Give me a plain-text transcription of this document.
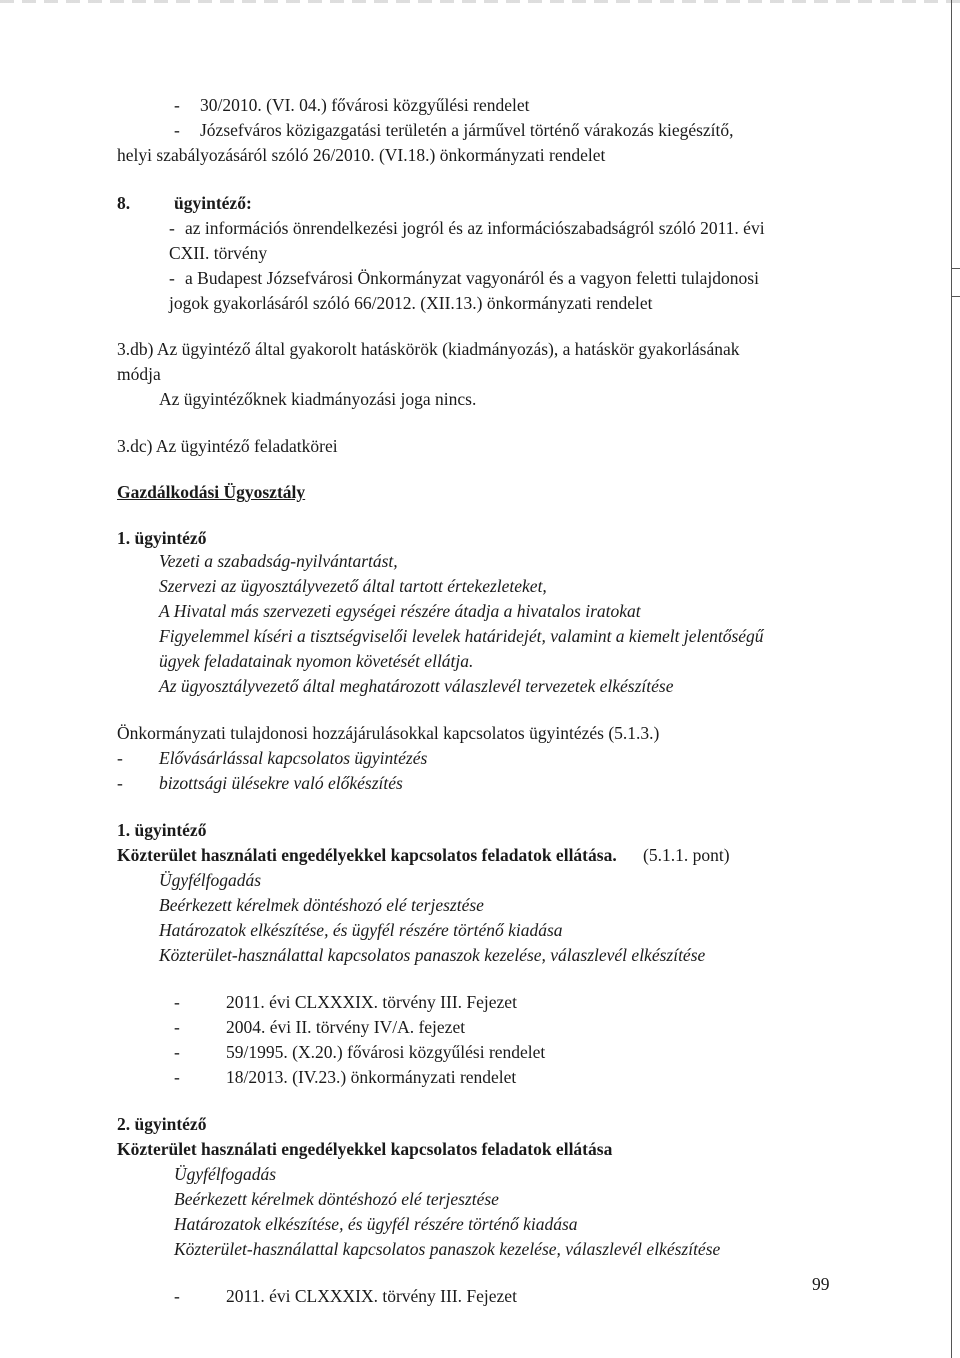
- 30/2010. (VI. 04.) fővárosi közgyűlési rendelet
- Józsefváros közigazgatási területén a járművel történő várakozás kiegészítő,
helyi szabályozásáról szóló 26/2010. (VI.18.) önkormányzati rendelet
8.	ügyintéző:
- az információs önrendelkezési jogról és az információszabadságról szóló 2011. évi
CXII. törvény
- a Budapest Józsefvárosi Önkormányzat vagyonáról és a vagyon feletti tulajdonosi
jogok gyakorlásáról szóló 66/2012. (XII.13.) önkormányzati rendelet
3.db) Az ügyintéző által gyakorolt hatáskörök (kiadmányozás), a hatáskör gyakorlásának
módja
Az ügyintézőknek kiadmányozási joga nincs.
3.dc) Az ügyintéző feladatkörei
Gazdálkodási Ügyosztály
1. ügyintéző
Vezeti a szabadság-nyilvántartást,
Szervezi az ügyosztályvezető által tartott értekezleteket,
A Hivatal más szervezeti egységei részére átadja a hivatalos iratokat
Figyelemmel kíséri a tisztségviselői levelek határidejét, valamint a kiemelt jelentőségű
ügyek feladatainak nyomon követését ellátja.
Az ügyosztályvezető által meghatározott válaszlevél tervezetek elkészítése
Önkormányzati tulajdonosi hozzájárulásokkal kapcsolatos ügyintézés (5.1.3.)
- Elővásárlással kapcsolatos ügyintézés
- bizottsági ülésekre való előkészítés
1. ügyintéző
Közterület használati engedélyekkel kapcsolatos feladatok ellátása. (5.1.1. pont)
Ügyfélfogadás
Beérkezett kérelmek döntéshozó elé terjesztése
Határozatok elkészítése, és ügyfél részére történő kiadása
Közterület-használattal kapcsolatos panaszok kezelése, válaszlevél elkészítése
-	2011. évi CLXXXIX. törvény III. Fejezet
-	2004. évi II. törvény IV/A. fejezet
-	59/1995. (X.20.) fővárosi közgyűlési rendelet
-	18/2013. (IV.23.) önkormányzati rendelet
2. ügyintéző
Közterület használati engedélyekkel kapcsolatos feladatok ellátása
Ügyfélfogadás
Beérkezett kérelmek döntéshozó elé terjesztése
Határozatok elkészítése, és ügyfél részére történő kiadása
Közterület-használattal kapcsolatos panaszok kezelése, válaszlevél elkészítése
-	2011. évi CLXXXIX. törvény III. Fejezet
99
